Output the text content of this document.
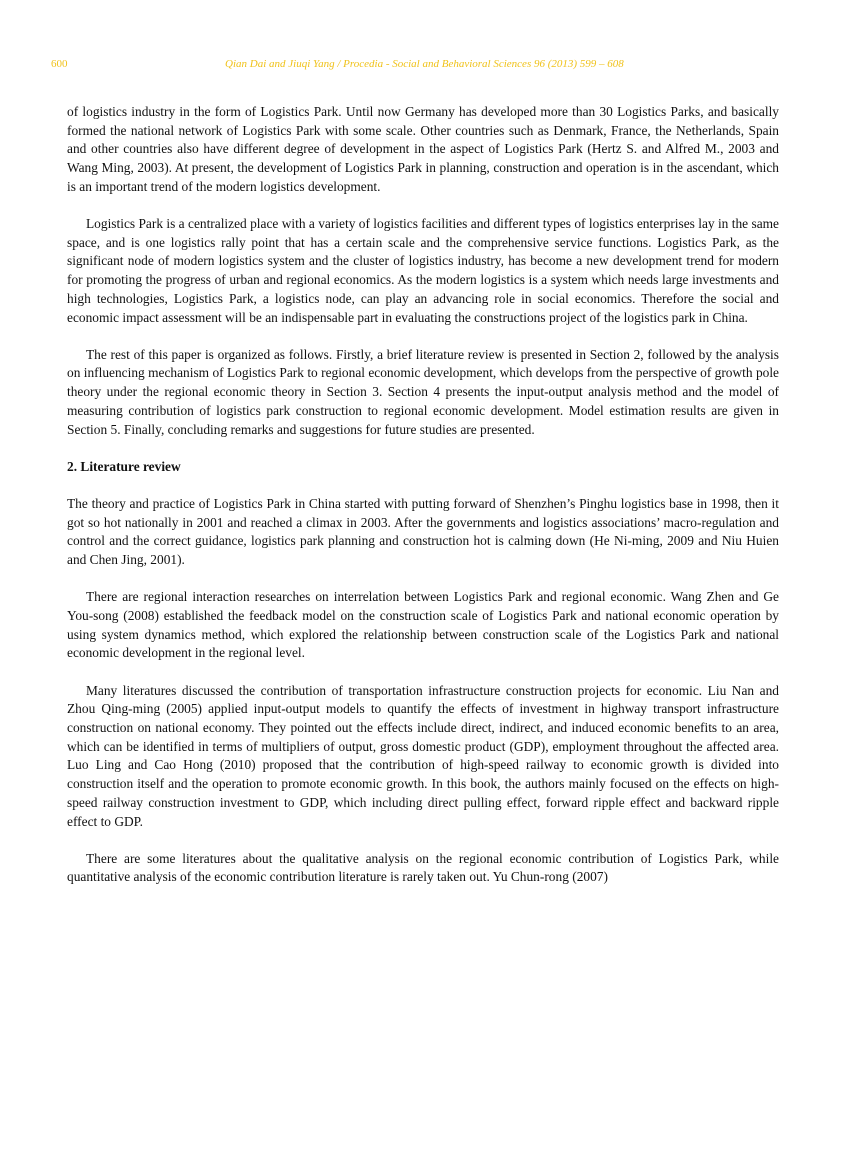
600	Qian Dai and Jiuqi Yang / Procedia - Social and Behavioral Sciences 96 (2013) 599 – 608

of logistics industry in the form of Logistics Park. Until now Germany has developed more than 30 Logistics Parks, and basically formed the national network of Logistics Park with some scale. Other countries such as Denmark, France, the Netherlands, Spain and other countries also have different degree of development in the aspect of Logistics Park (Hertz S. and Alfred M., 2003 and Wang Ming, 2003). At present, the development of Logistics Park in planning, construction and operation is in the ascendant, which is an important trend of the modern logistics development.

Logistics Park is a centralized place with a variety of logistics facilities and different types of logistics enterprises lay in the same space, and is one logistics rally point that has a certain scale and the comprehensive service functions. Logistics Park, as the significant node of modern logistics system and the cluster of logistics industry, has become a new development trend for modern for promoting the progress of urban and regional economics. As the modern logistics is a system which needs large investments and high technologies, Logistics Park, a logistics node, can play an advancing role in social economics. Therefore the social and economic impact assessment will be an indispensable part in evaluating the constructions project of the logistics park in China.

The rest of this paper is organized as follows. Firstly, a brief literature review is presented in Section 2, followed by the analysis on influencing mechanism of Logistics Park to regional economic development, which develops from the perspective of growth pole theory under the regional economic theory in Section 3. Section 4 presents the input-output analysis method and the model of measuring contribution of logistics park construction to regional economic development. Model estimation results are given in Section 5. Finally, concluding remarks and suggestions for future studies are presented.

2. Literature review

The theory and practice of Logistics Park in China started with putting forward of Shenzhen’s Pinghu logistics base in 1998, then it got so hot nationally in 2001 and reached a climax in 2003. After the governments and logistics associations’ macro-regulation and control and the correct guidance, logistics park planning and construction hot is calming down (He Ni-ming, 2009 and Niu Huien and Chen Jing, 2001).

There are regional interaction researches on interrelation between Logistics Park and regional economic. Wang Zhen and Ge You-song (2008) established the feedback model on the construction scale of Logistics Park and national economic operation by using system dynamics method, which explored the relationship between construction scale of the Logistics Park and national economic development in the regional level.

Many literatures discussed the contribution of transportation infrastructure construction projects for economic. Liu Nan and Zhou Qing-ming (2005) applied input-output models to quantify the effects of investment in highway transport infrastructure construction on national economy. They pointed out the effects include direct, indirect, and induced economic benefits to an area, which can be identified in terms of multipliers of output, gross domestic product (GDP), employment throughout the affected area. Luo Ling and Cao Hong (2010) proposed that the contribution of high-speed railway to economic growth is divided into construction itself and the operation to promote economic growth. In this book, the authors mainly focused on the effects on high-speed railway construction investment to GDP, which including direct pulling effect, forward ripple effect and backward ripple effect to GDP.

There are some literatures about the qualitative analysis on the regional economic contribution of Logistics Park, while quantitative analysis of the economic contribution literature is rarely taken out. Yu Chun-rong (2007)
